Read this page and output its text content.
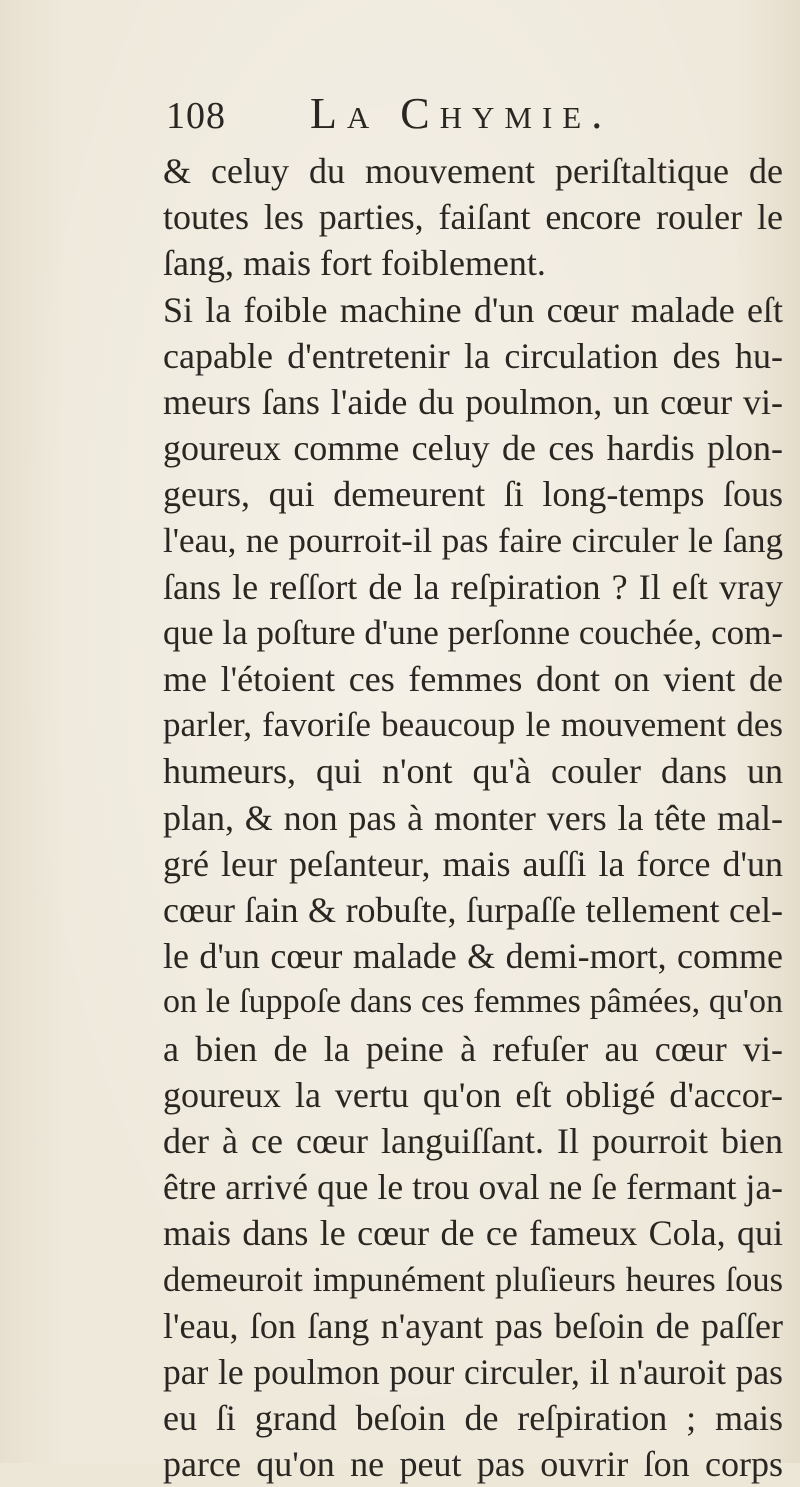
108 La Chymie.
& celuy du mouvement periſtaltique de
toutes les parties, faiſant encore rouler le
ſang, mais fort foiblement.
Si la foible machine d'un cœur malade eſt
capable d'entretenir la circulation des hu-
meurs ſans l'aide du poulmon, un cœur vi-
goureux comme celuy de ces hardis plon-
geurs, qui demeurent ſi long-temps ſous
l'eau, ne pourroit-il pas faire circuler le ſang
ſans le reſſort de la reſpiration ? Il eſt vray
que la poſture d'une perſonne couchée, com-
me l'étoient ces femmes dont on vient de
parler, favoriſe beaucoup le mouvement des
humeurs, qui n'ont qu'à couler dans un
plan, & non pas à monter vers la tête mal-
gré leur peſanteur, mais auſſi la force d'un
cœur ſain & robuſte, ſurpaſſe tellement cel-
le d'un cœur malade & demi-mort, comme
on le ſuppoſe dans ces femmes pâmées, qu'on
a bien de la peine à refuſer au cœur vi-
goureux la vertu qu'on eſt obligé d'accor-
der à ce cœur languiſſant. Il pourroit bien
être arrivé que le trou oval ne ſe fermant ja-
mais dans le cœur de ce fameux Cola, qui
demeuroit impunément pluſieurs heures ſous
l'eau, ſon ſang n'ayant pas beſoin de paſſer
par le poulmon pour circuler, il n'auroit pas
eu ſi grand beſoin de reſpiration ; mais
parce qu'on ne peut pas ouvrir ſon corps
